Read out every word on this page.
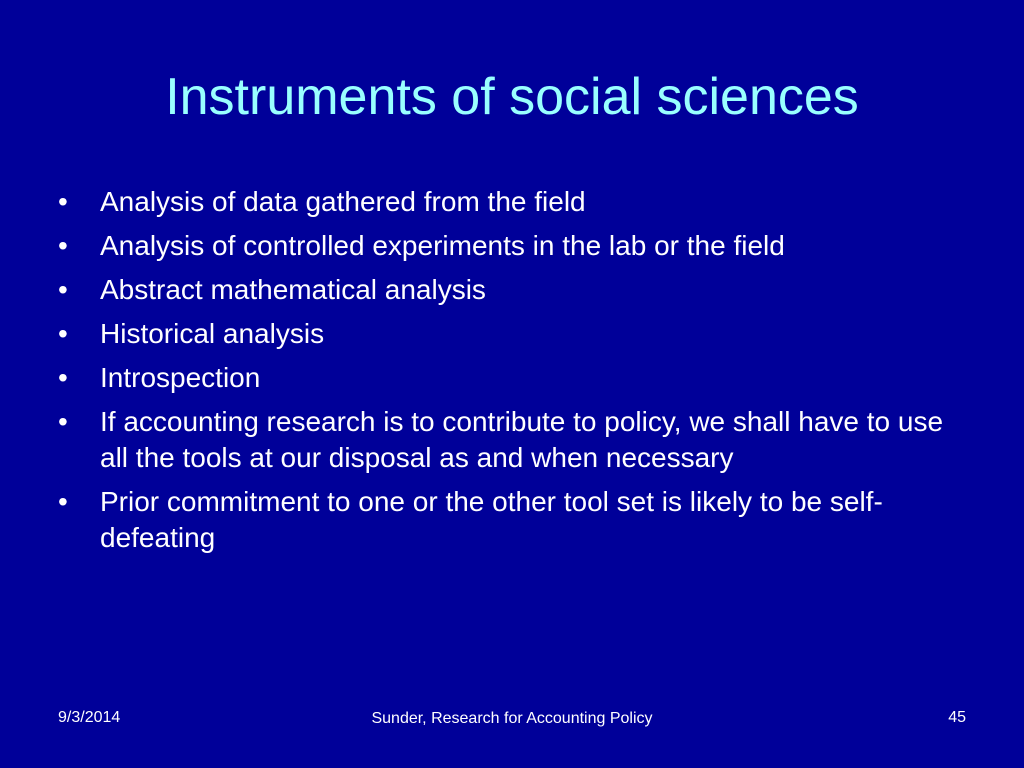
Instruments of social sciences
•	Analysis of data gathered from the field
•	Analysis of controlled experiments in the lab or the field
•	Abstract mathematical analysis
•	Historical analysis
•	Introspection
•	If accounting research is to contribute to policy, we shall have to use all the tools at our disposal as and when necessary
•	Prior commitment to one or the other tool set is likely to be self-defeating
9/3/2014	Sunder, Research for Accounting Policy	45
